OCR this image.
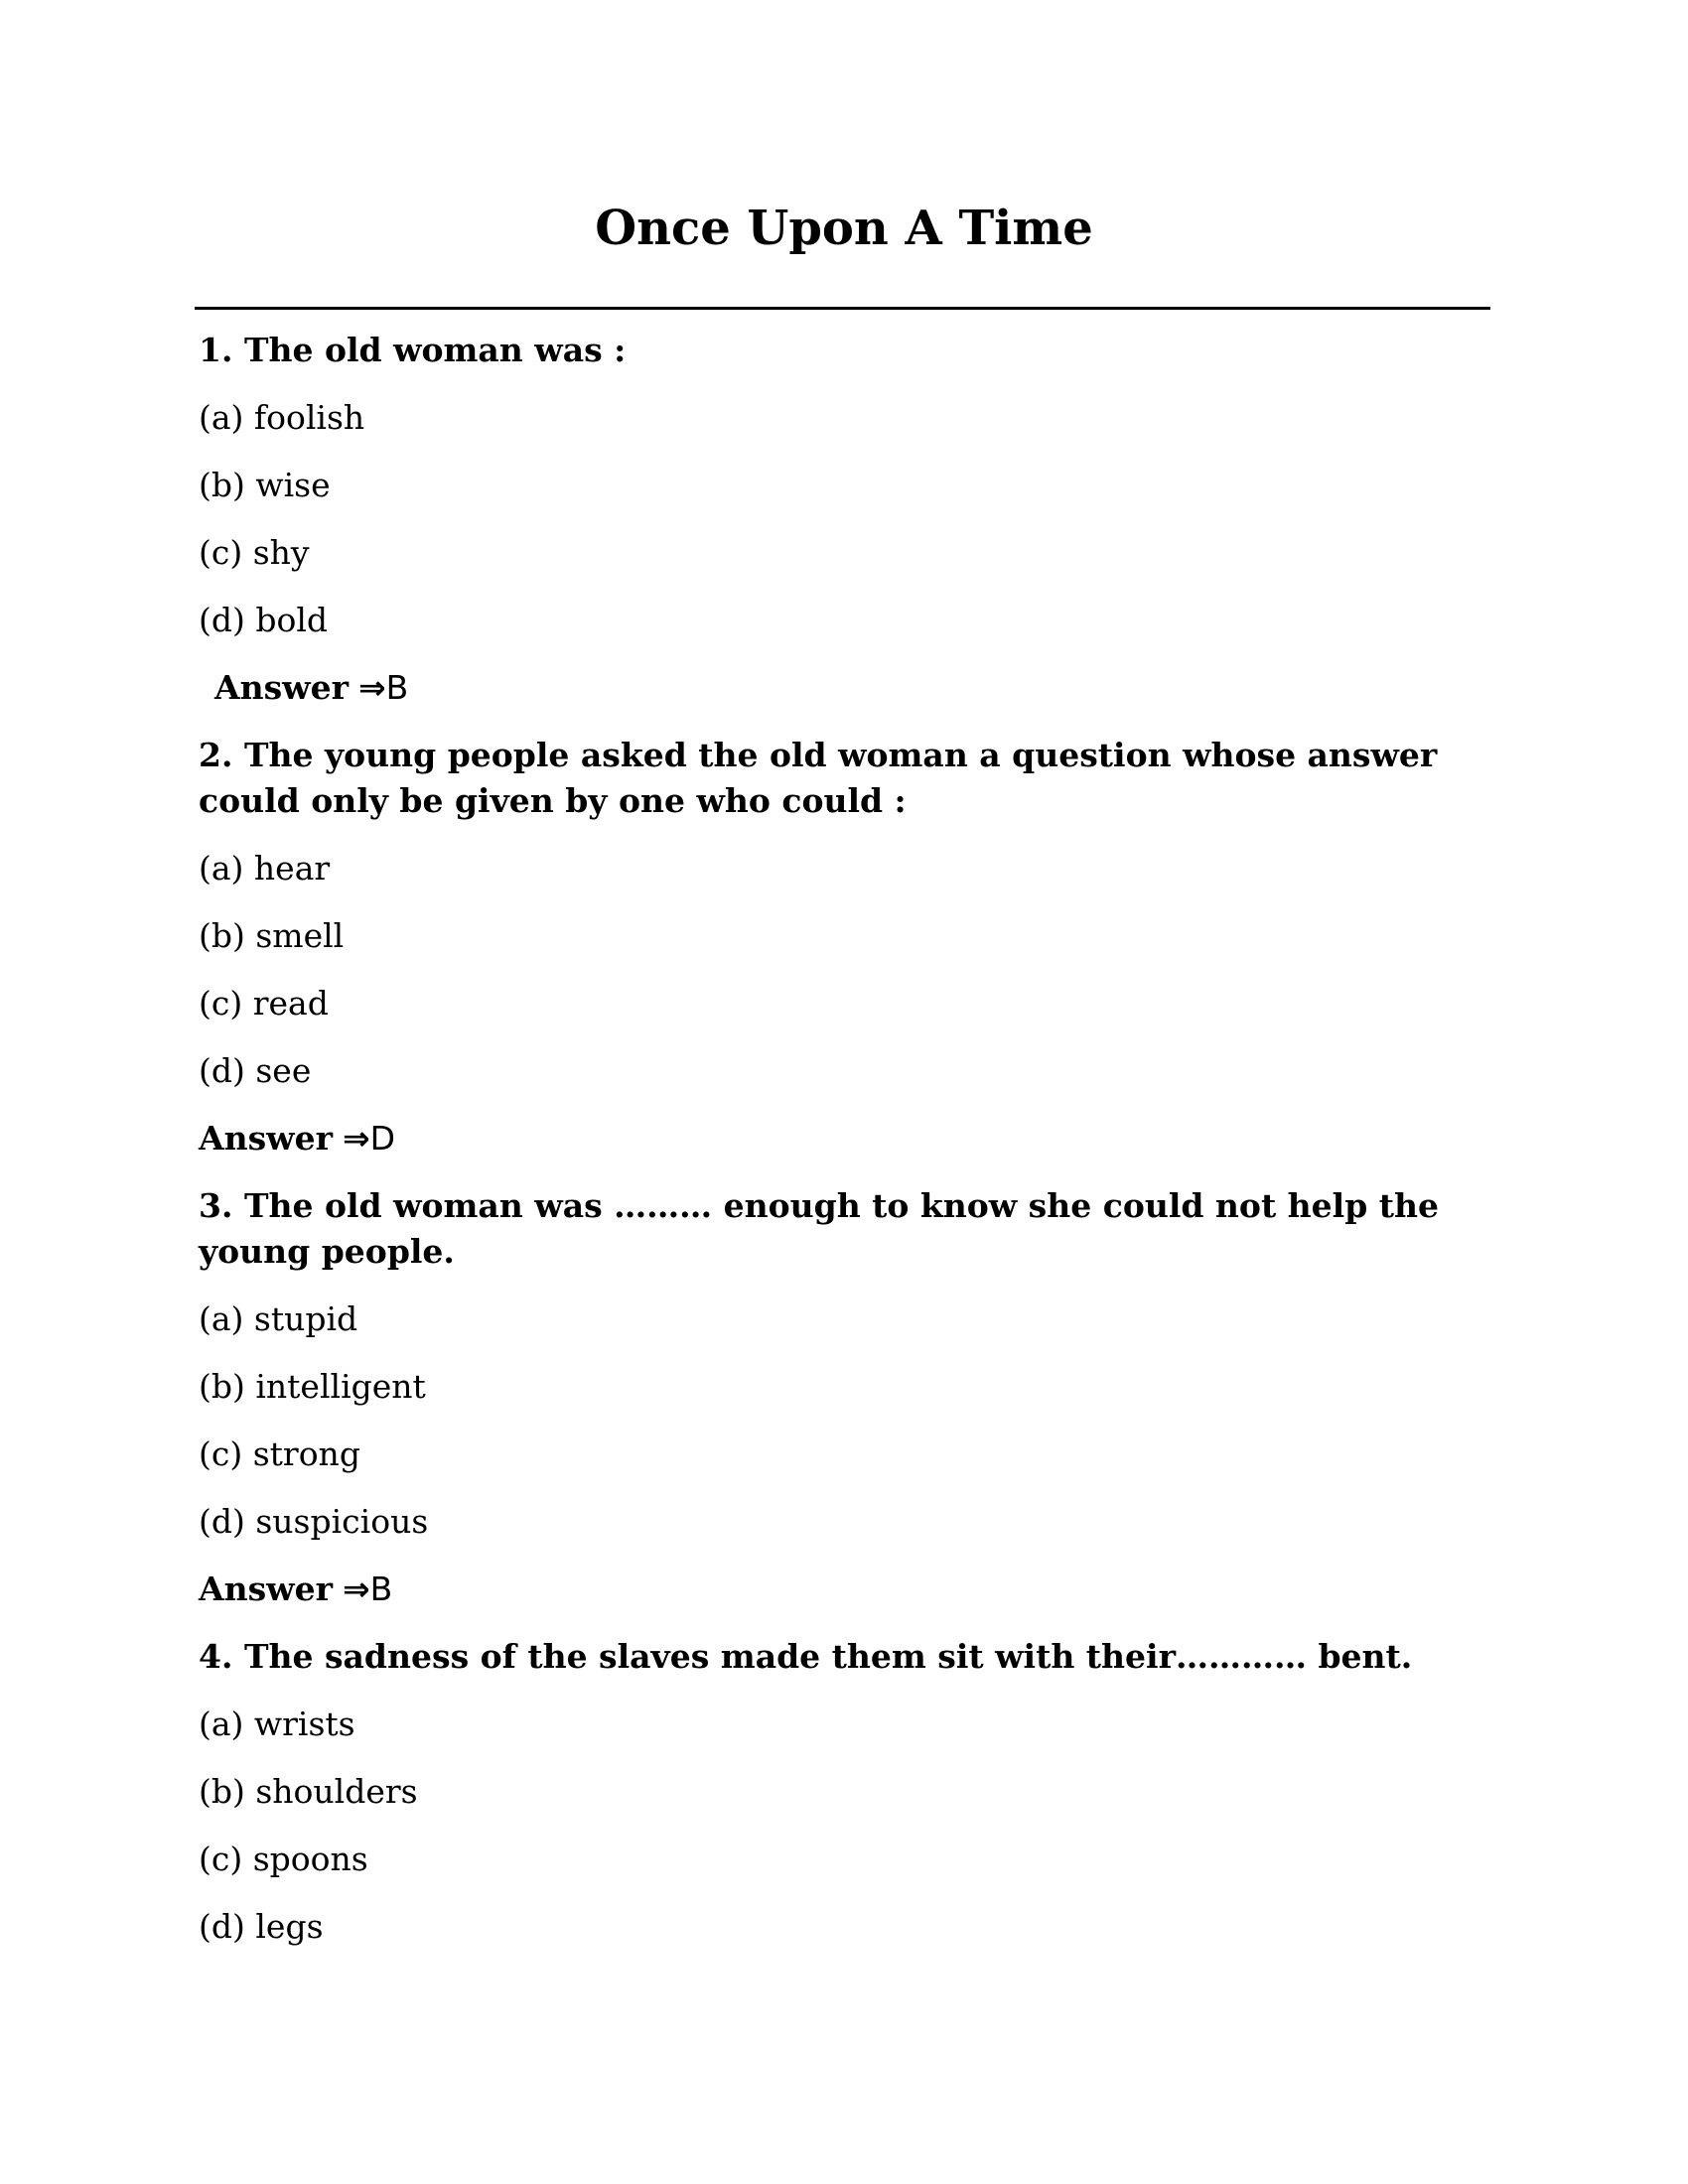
Once Upon A Time

1. The old woman was :

(a) foolish

(b) wise

(c) shy

(d) bold

Answer ⇒B

2. The young people asked the old woman a question whose answer could only be given by one who could :

(a) hear

(b) smell

(c) read

(d) see

Answer ⇒D

3. The old woman was ……… enough to know she could not help the young people.

(a) stupid

(b) intelligent

(c) strong

(d) suspicious

Answer ⇒B

4. The sadness of the slaves made them sit with their………… bent.

(a) wrists

(b) shoulders

(c) spoons

(d) legs
